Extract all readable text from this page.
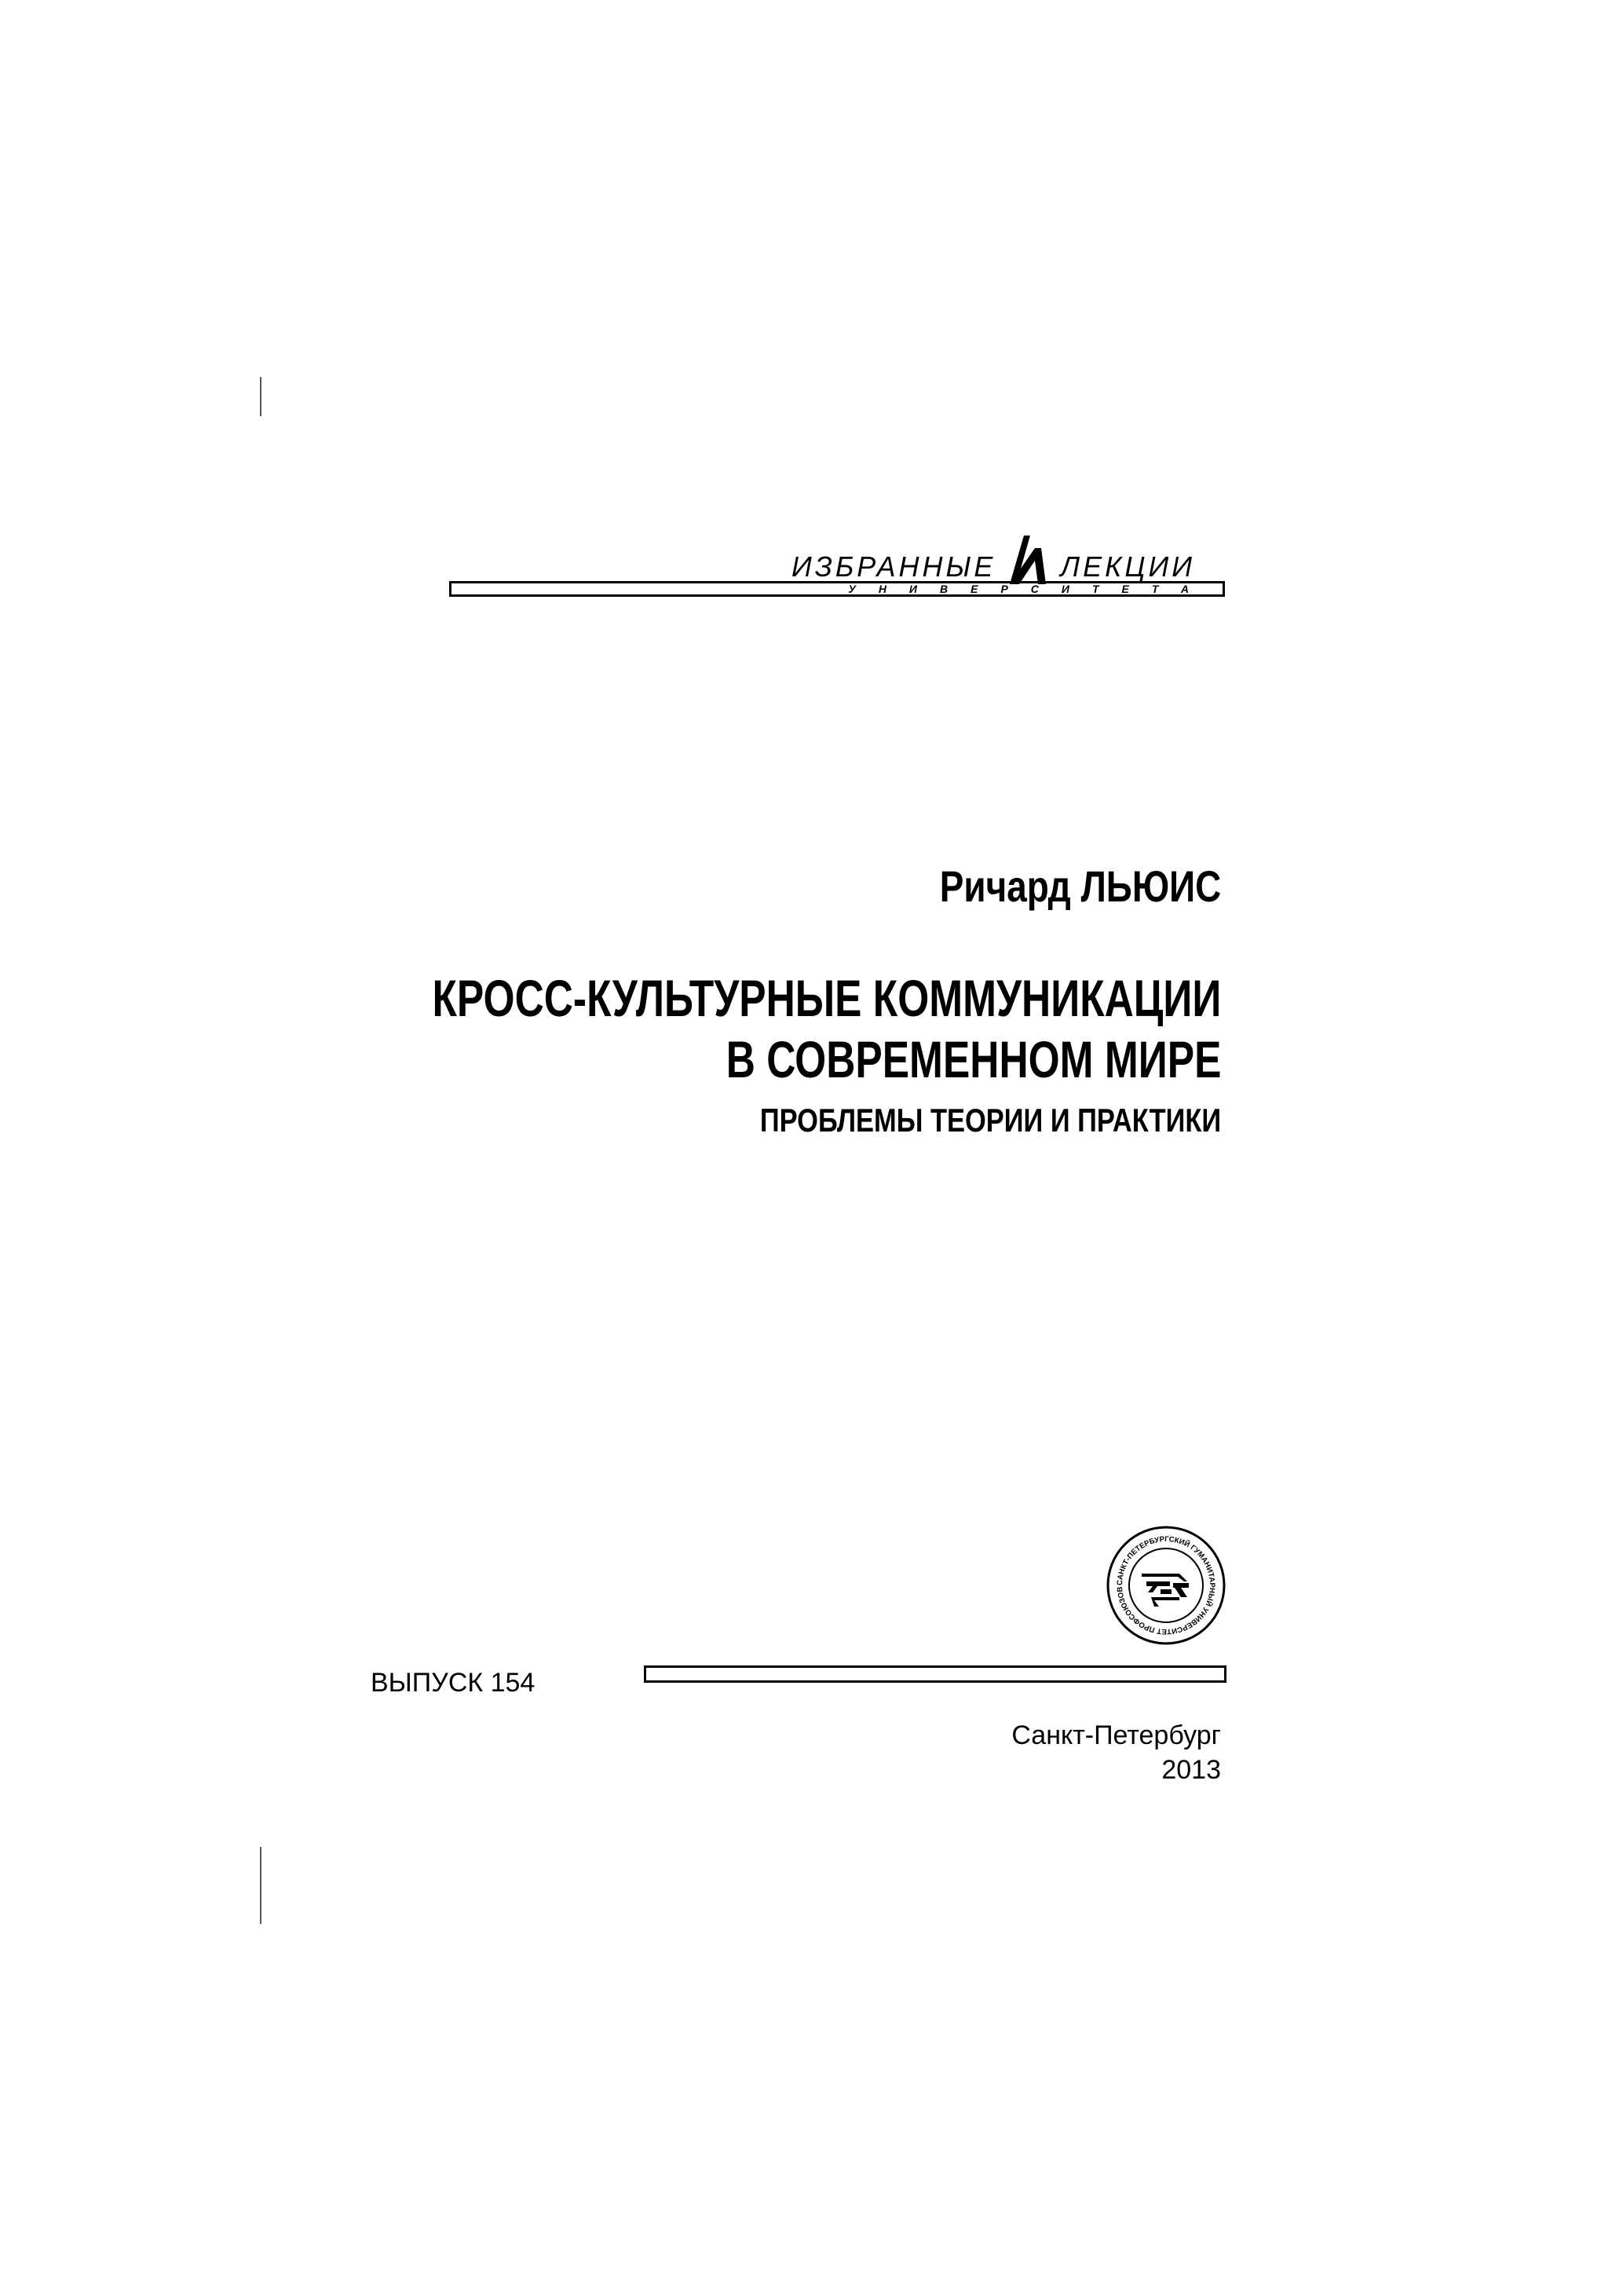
ИЗБРАННЫЕ ЛЕКЦИИ
УНИВЕРСИТЕТА
Ричард ЛЬЮИС
КРОСС-КУЛЬТУРНЫЕ КОММУНИКАЦИИ
В СОВРЕМЕННОМ МИРЕ
ПРОБЛЕМЫ ТЕОРИИ И ПРАКТИКИ
САНКТ-ПЕТЕРБУРГСКИЙ ГУМАНИТАРНЫЙ УНИВЕРСИТЕТ ПРОФСОЮЗОВ
ВЫПУСК 154
Санкт-Петербург
2013
